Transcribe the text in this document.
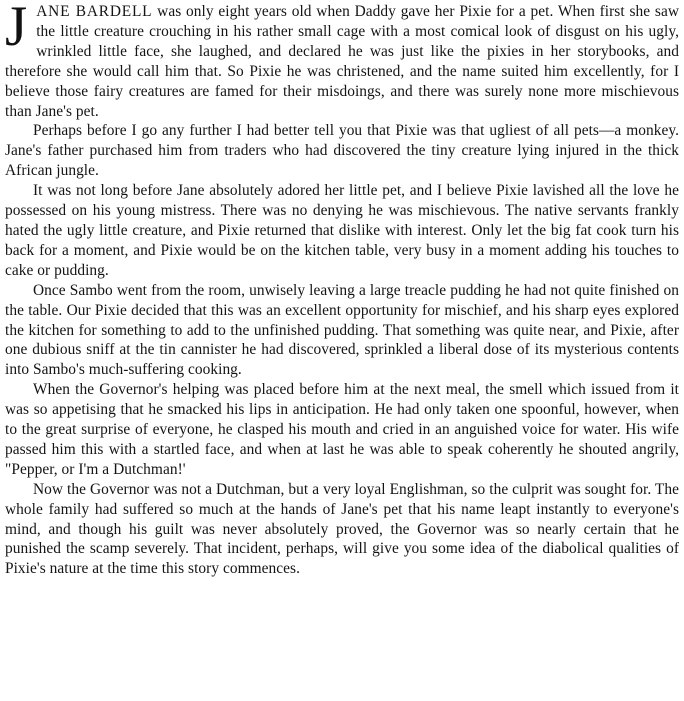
JANE BARDELL was only eight years old when Daddy gave her Pixie for a pet. When first she saw the little creature crouching in his rather small cage with a most comical look of disgust on his ugly, wrinkled little face, she laughed, and declared he was just like the pixies in her storybooks, and therefore she would call him that. So Pixie he was christened, and the name suited him excellently, for I believe those fairy creatures are famed for their misdoings, and there was surely none more mischievous than Jane's pet.

Perhaps before I go any further I had better tell you that Pixie was that ugliest of all pets—a monkey. Jane's father purchased him from traders who had discovered the tiny creature lying injured in the thick African jungle.

It was not long before Jane absolutely adored her little pet, and I believe Pixie lavished all the love he possessed on his young mistress. There was no denying he was mischievous. The native servants frankly hated the ugly little creature, and Pixie returned that dislike with interest. Only let the big fat cook turn his back for a moment, and Pixie would be on the kitchen table, very busy in a moment adding his touches to cake or pudding.

Once Sambo went from the room, unwisely leaving a large treacle pudding he had not quite finished on the table. Our Pixie decided that this was an excellent opportunity for mischief, and his sharp eyes explored the kitchen for something to add to the unfinished pudding. That something was quite near, and Pixie, after one dubious sniff at the tin cannister he had discovered, sprinkled a liberal dose of its mysterious contents into Sambo's much-suffering cooking.

When the Governor's helping was placed before him at the next meal, the smell which issued from it was so appetising that he smacked his lips in anticipation. He had only taken one spoonful, however, when to the great surprise of everyone, he clasped his mouth and cried in an anguished voice for water. His wife passed him this with a startled face, and when at last he was able to speak coherently he shouted angrily, "Pepper, or I'm a Dutchman!'

Now the Governor was not a Dutchman, but a very loyal Englishman, so the culprit was sought for. The whole family had suffered so much at the hands of Jane's pet that his name leapt instantly to everyone's mind, and though his guilt was never absolutely proved, the Governor was so nearly certain that he punished the scamp severely. That incident, perhaps, will give you some idea of the diabolical qualities of Pixie's nature at the time this story commences.
